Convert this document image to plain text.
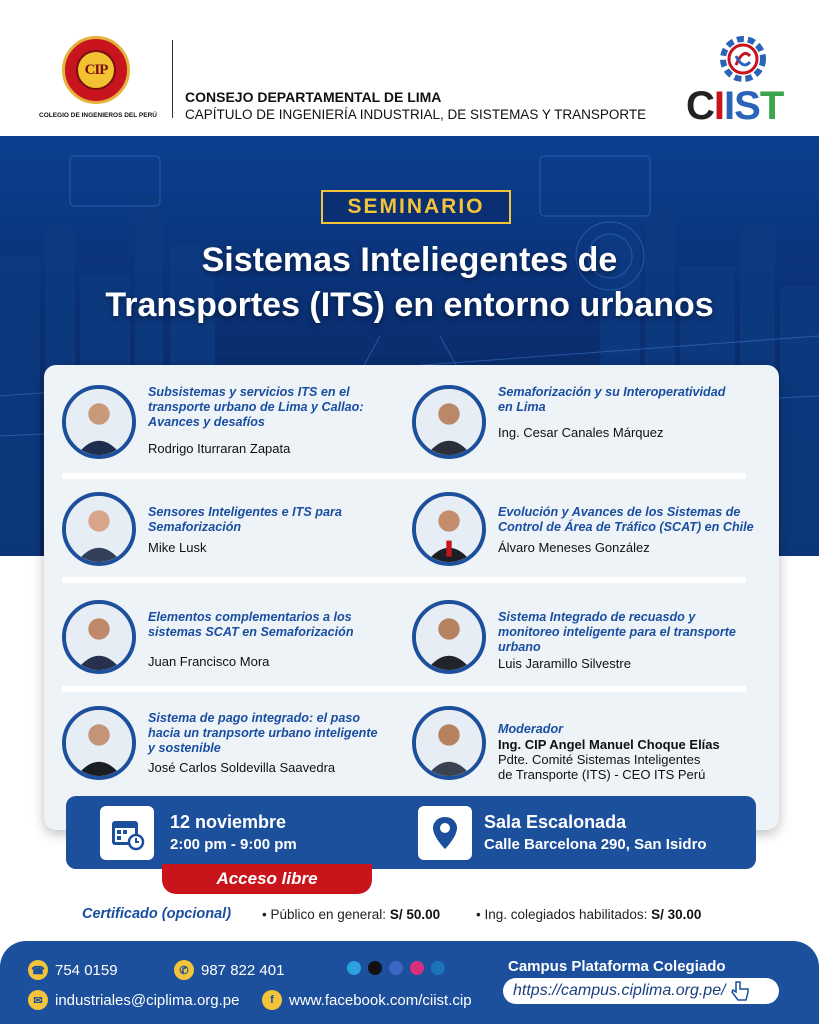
CIP
COLEGIO DE INGENIEROS DEL PERÚ
CONSEJO DEPARTAMENTAL DE LIMA
CAPÍTULO DE INGENIERÍA INDUSTRIAL, DE SISTEMAS Y TRANSPORTE CIIST
SEMINARIO
Sistemas Inteliegentes de
Transportes (ITS) en entorno urbanos
Subsistemas y servicios ITS en el transporte urbano de Lima y Callao: Avances y desafíos
Rodrigo Iturraran Zapata
Semaforización y su Interoperatividad en Lima
Ing. Cesar Canales Márquez
Sensores Inteligentes e ITS para Semaforización
Mike Lusk
Evolución y Avances de los Sistemas de Control de Área de Tráfico (SCAT) en Chile
Álvaro Meneses González
Elementos complementarios a los sistemas SCAT en Semaforización
Juan Francisco Mora
Sistema Integrado de recuasdo y monitoreo inteligente para el transporte urbano
Luis Jaramillo Silvestre
Sistema de pago integrado: el paso hacia un tranpsorte urbano inteligente y sostenible
José Carlos Soldevilla Saavedra
Moderador
Ing. CIP Angel Manuel Choque Elías
Pdte. Comité Sistemas Inteligentes
de Transporte (ITS) - CEO ITS Perú
12 noviembre
2:00 pm - 9:00 pm
Sala Escalonada
Calle Barcelona 290, San Isidro
Acceso libre
Certificado (opcional) • Público en general: S/ 50.00	• Ing. colegiados habilitados: S/ 30.00
☎ 754 0159	✆ 987 822 401
✉ industriales@ciplima.org.pe	f	www.facebook.com/ciist.cip
Campus Plataforma Colegiado
https://campus.ciplima.org.pe/
